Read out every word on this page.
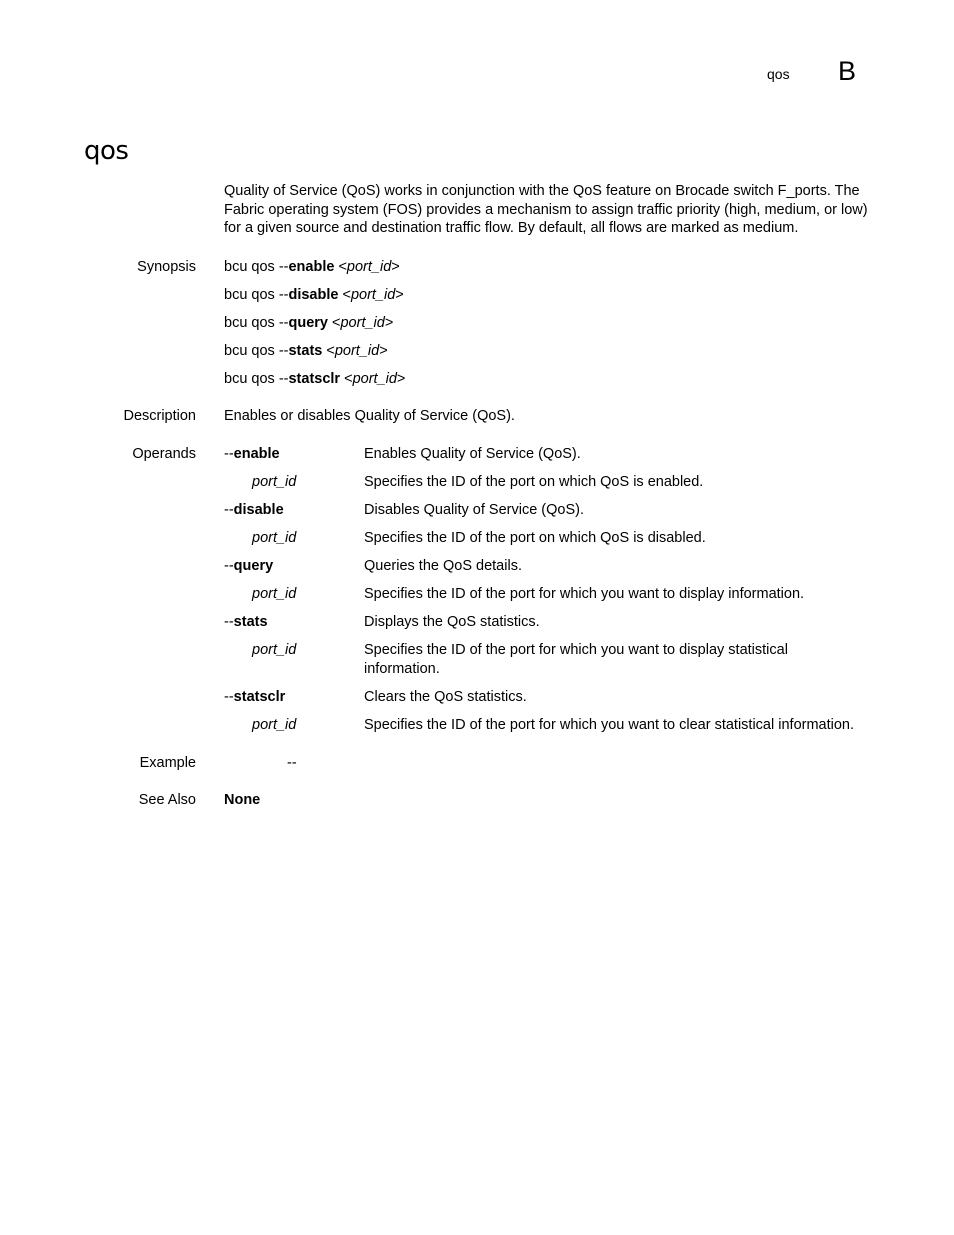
qos B
qos
Quality of Service (QoS) works in conjunction with the QoS feature on Brocade switch F_ports. The Fabric operating system (FOS) provides a mechanism to assign traffic priority (high, medium, or low) for a given source and destination traffic flow. By default, all flows are marked as medium.
Synopsis bcu qos --enable <port_id>
bcu qos --disable <port_id>
bcu qos --query <port_id>
bcu qos --stats <port_id>
bcu qos --statsclr <port_id>
Description Enables or disables Quality of Service (QoS).
Operands --enable	Enables Quality of Service (QoS).
port_id	Specifies the ID of the port on which QoS is enabled.
--disable	Disables Quality of Service (QoS).
port_id	Specifies the ID of the port on which QoS is disabled.
--query	Queries the QoS details.
port_id	Specifies the ID of the port for which you want to display information.
--stats	Displays the QoS statistics.
port_id	Specifies the ID of the port for which you want to display statistical information.
--statsclr	Clears the QoS statistics.
port_id	Specifies the ID of the port for which you want to clear statistical information.
Example	--
See Also None
